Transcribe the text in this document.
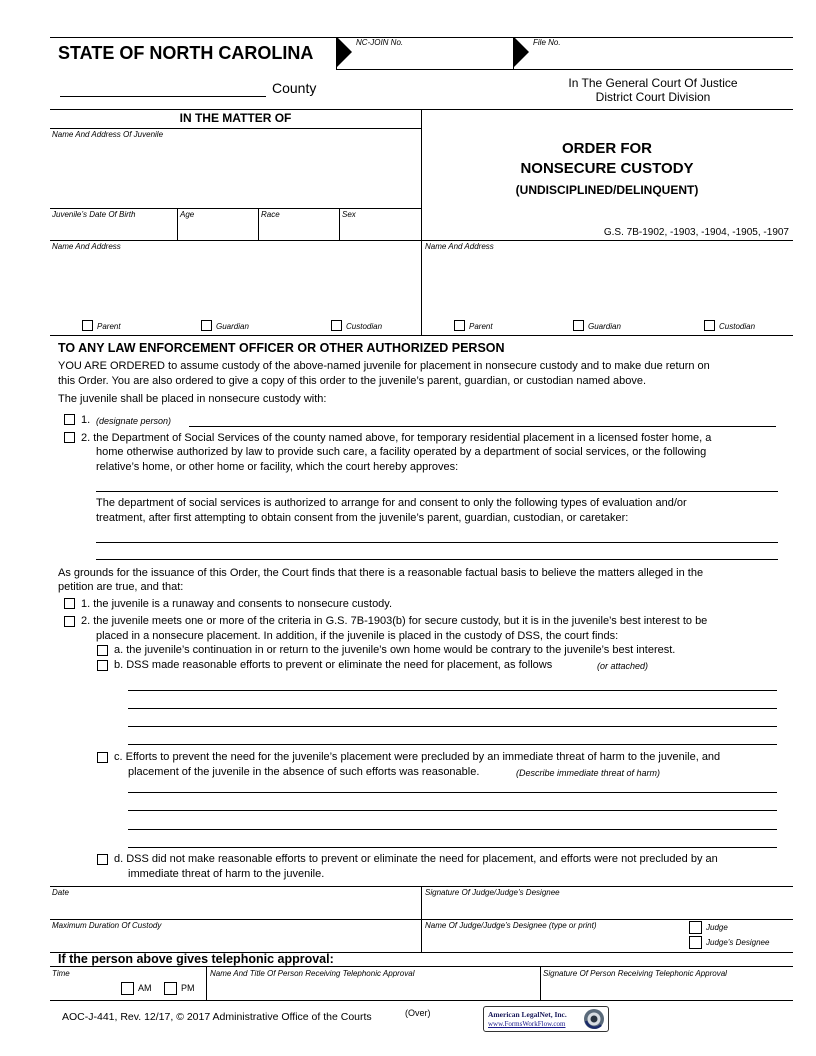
STATE OF NORTH CAROLINA
NC-JOIN No.	File No.
County	In The General Court Of Justice
District Court Division
IN THE MATTER OF
Name And Address Of Juvenile
Juvenile’s Date Of Birth	Age	Race	Sex
ORDER FOR
NONSECURE CUSTODY
(UNDISCIPLINED/DELINQUENT)
G.S. 7B-1902, -1903, -1904, -1905, -1907
Name And Address	Name And Address
Parent	Guardian	Custodian	Parent	Guardian	Custodian
TO ANY LAW ENFORCEMENT OFFICER OR OTHER AUTHORIZED PERSON
YOU ARE ORDERED to assume custody of the above-named juvenile for placement in nonsecure custody and to make due return on
this Order. You are also ordered to give a copy of this order to the juvenile’s parent, guardian, or custodian named above.
The juvenile shall be placed in nonsecure custody with:
1. (designate person)
2. the Department of Social Services of the county named above, for temporary residential placement in a licensed foster home, a
home otherwise authorized by law to provide such care, a facility operated by a department of social services, or the following
relative’s home, or other home or facility, which the court hereby approves:
The department of social services is authorized to arrange for and consent to only the following types of evaluation and/or
treatment, after first attempting to obtain consent from the juvenile’s parent, guardian, custodian, or caretaker:
As grounds for the issuance of this Order, the Court finds that there is a reasonable factual basis to believe the matters alleged in the
petition are true, and that:
1. the juvenile is a runaway and consents to nonsecure custody.
2. the juvenile meets one or more of the criteria in G.S. 7B-1903(b) for secure custody, but it is in the juvenile’s best interest to be
placed in a nonsecure placement. In addition, if the juvenile is placed in the custody of DSS, the court finds:
a. the juvenile’s continuation in or return to the juvenile’s own home would be contrary to the juvenile’s best interest.
b. DSS made reasonable efforts to prevent or eliminate the need for placement, as follows	(or attached)
c. Efforts to prevent the need for the juvenile’s placement were precluded by an immediate threat of harm to the juvenile, and
placement of the juvenile in the absence of such efforts was reasonable.	(Describe immediate threat of harm)
d. DSS did not make reasonable efforts to prevent or eliminate the need for placement, and efforts were not precluded by an
immediate threat of harm to the juvenile.
Date	Signature Of Judge/Judge’s Designee
Maximum Duration Of Custody	Name Of Judge/Judge’s Designee (type or print)	Judge
Judge’s Designee
If the person above gives telephonic approval:
Time
AM	PM
Name And Title Of Person Receiving Telephonic Approval	Signature Of Person Receiving Telephonic Approval
AOC-J-441, Rev. 12/17, © 2017 Administrative Office of the Courts	(Over)	American LegalNet, Inc.
www.FormsWorkFlow.com
